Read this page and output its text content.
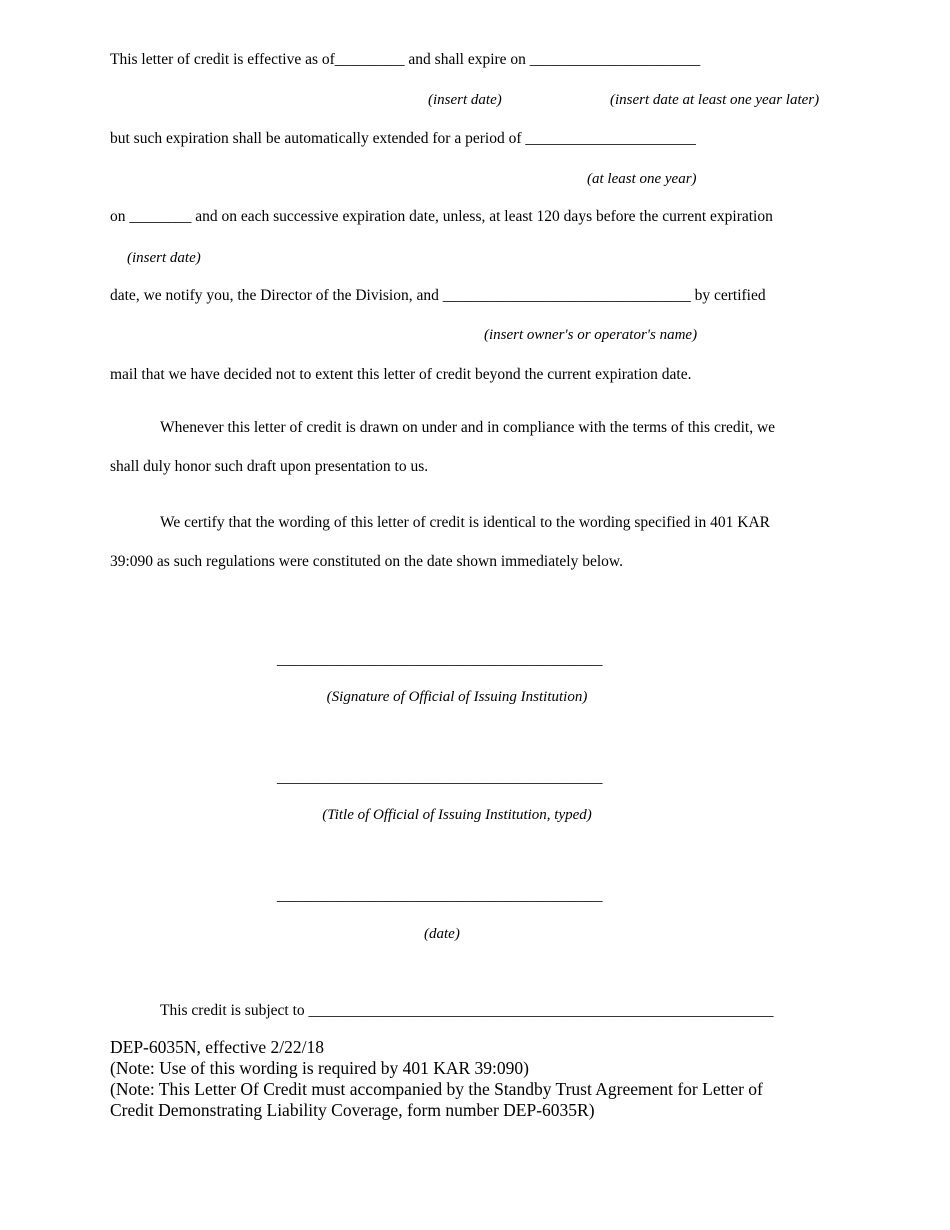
This letter of credit is effective as of_________ and shall expire on ______________________
(insert date)	(insert date at least one year later)
but such expiration shall be automatically extended for a period of ______________________
(at least one year)
on ________ and on each successive expiration date, unless, at least 120 days before the current expiration
(insert date)
date, we notify you, the Director of the Division, and ________________________________ by certified
(insert owner's or operator's name)
mail that we have decided not to extent this letter of credit beyond the current expiration date.
Whenever this letter of credit is drawn on under and in compliance with the terms of this credit, we
shall duly honor such draft upon presentation to us.
We certify that the wording of this letter of credit is identical to the wording specified in 401 KAR
39:090 as such regulations were constituted on the date shown immediately below.
__________________________________________
(Signature of Official of Issuing Institution)
__________________________________________
(Title of Official of Issuing Institution, typed)
__________________________________________
(date)
This credit is subject to ____________________________________________________________
DEP-6035N, effective 2/22/18
(Note: Use of this wording is required by 401 KAR 39:090)
(Note: This Letter Of Credit must accompanied by the Standby Trust Agreement for Letter of
Credit Demonstrating Liability Coverage, form number DEP-6035R)
